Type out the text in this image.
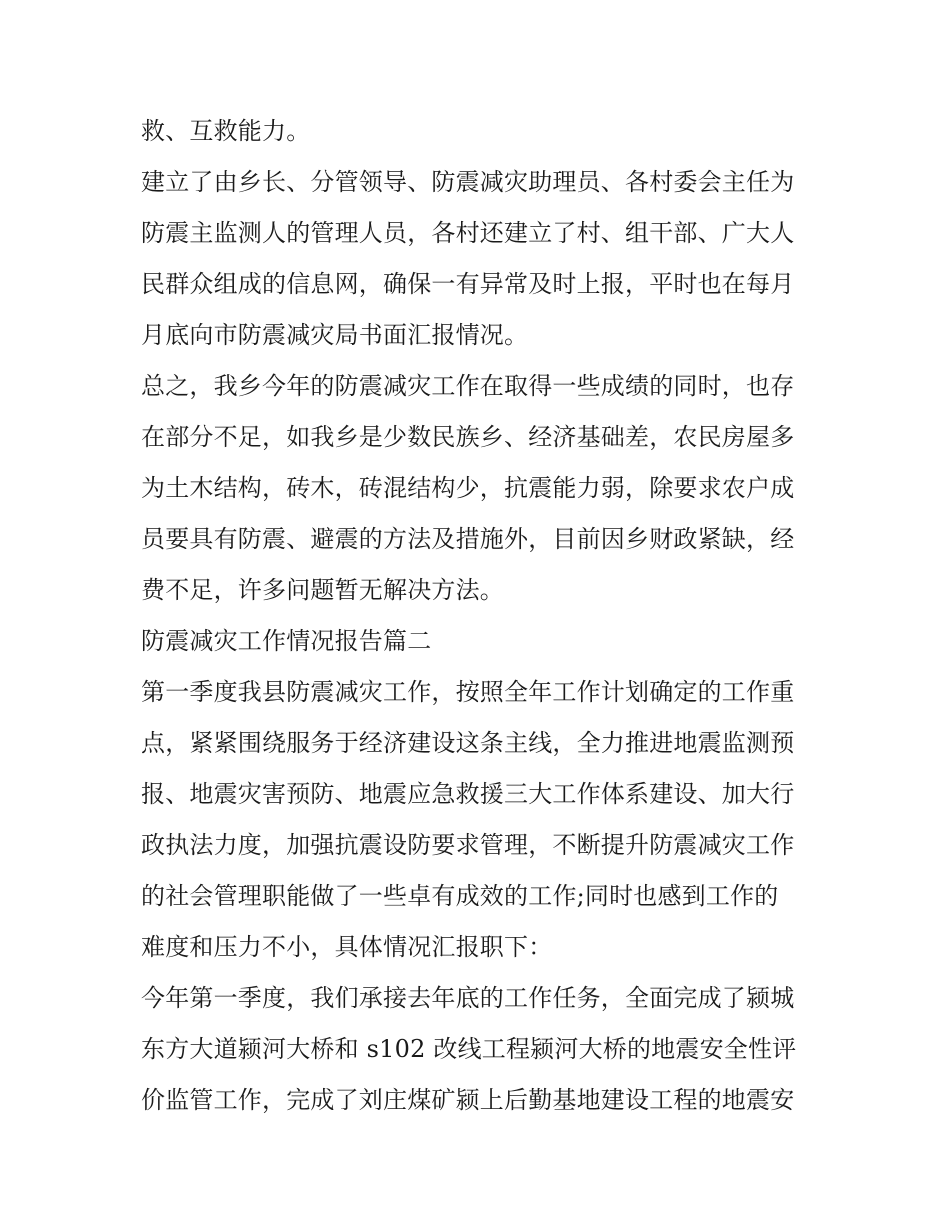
救、互救能力。
建立了由乡长、分管领导、防震减灾助理员、各村委会主任为
防震主监测人的管理人员，各村还建立了村、组干部、广大人
民群众组成的信息网，确保一有异常及时上报，平时也在每月
月底向市防震减灾局书面汇报情况。
总之，我乡今年的防震减灾工作在取得一些成绩的同时，也存
在部分不足，如我乡是少数民族乡、经济基础差，农民房屋多
为土木结构，砖木，砖混结构少，抗震能力弱，除要求农户成
员要具有防震、避震的方法及措施外，目前因乡财政紧缺，经
费不足，许多问题暂无解决方法。
防震减灾工作情况报告篇二
第一季度我县防震减灾工作，按照全年工作计划确定的工作重
点，紧紧围绕服务于经济建设这条主线，全力推进地震监测预
报、地震灾害预防、地震应急救援三大工作体系建设、加大行
政执法力度，加强抗震设防要求管理，不断提升防震减灾工作
的社会管理职能做了一些卓有成效的工作;同时也感到工作的
难度和压力不小，具体情况汇报职下：
今年第一季度，我们承接去年底的工作任务，全面完成了颍城
东方大道颍河大桥和 s102 改线工程颍河大桥的地震安全性评
价监管工作，完成了刘庄煤矿颍上后勤基地建设工程的地震安
